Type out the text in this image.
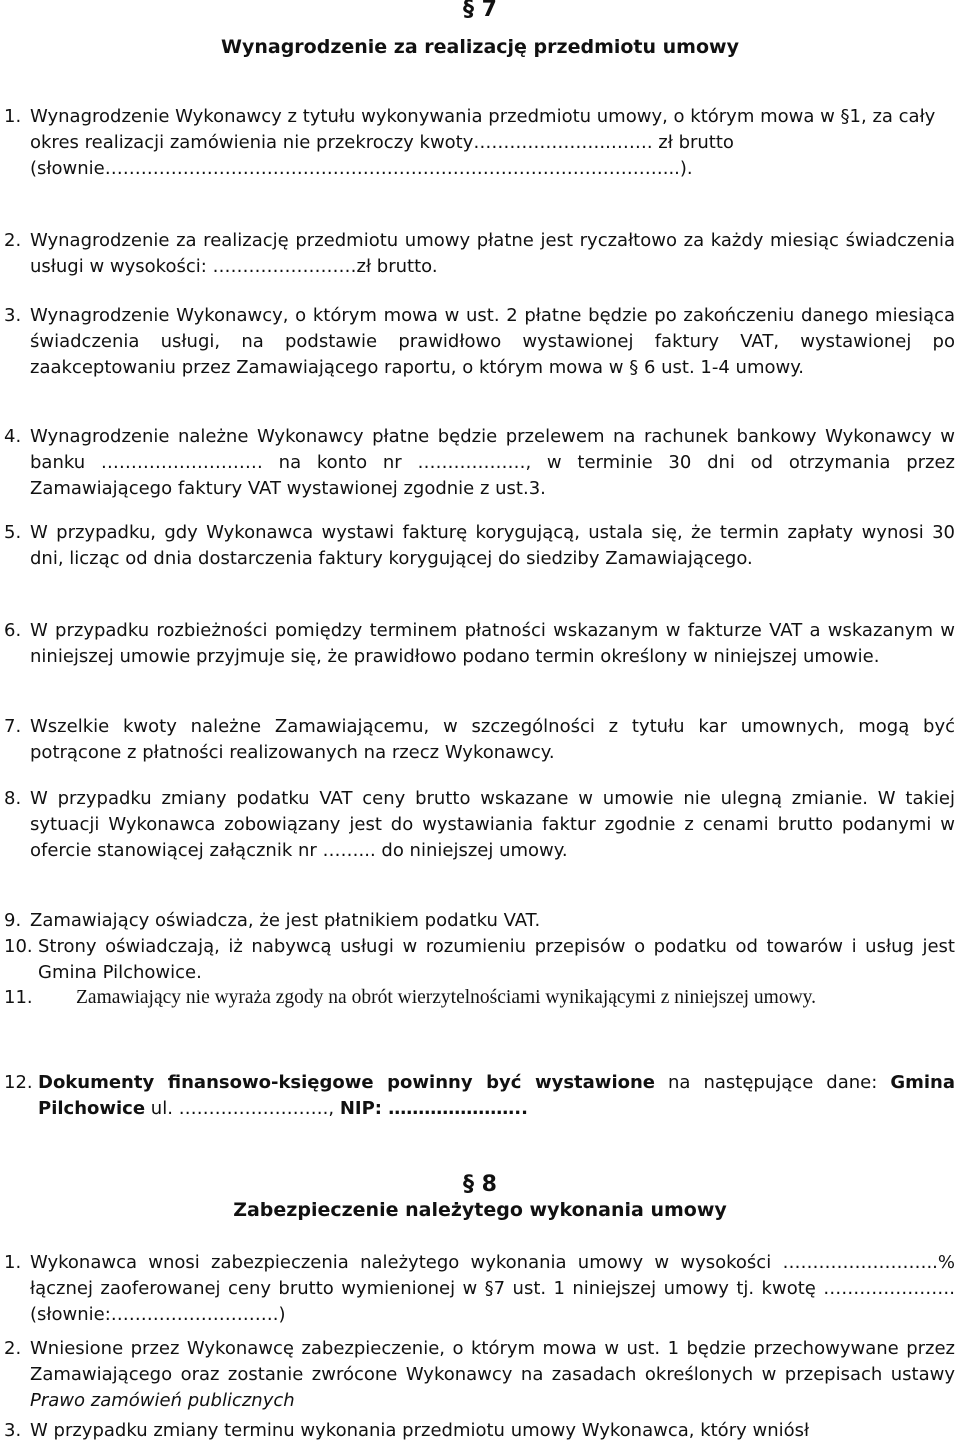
§ 7
Wynagrodzenie za realizację przedmiotu umowy
1. Wynagrodzenie Wykonawcy z tytułu wykonywania przedmiotu umowy, o którym mowa w §1, za cały okres realizacji zamówienia nie przekroczy kwoty…………………..……. zł brutto (słownie…………………………………………………………………………………...).
2. Wynagrodzenie za realizację przedmiotu umowy płatne jest ryczałtowo za każdy miesiąc świadczenia usługi w wysokości: ……………………zł brutto.
3. Wynagrodzenie Wykonawcy, o którym mowa w ust. 2 płatne będzie po zakończeniu danego miesiąca świadczenia usługi, na podstawie prawidłowo wystawionej faktury VAT, wystawionej po zaakceptowaniu przez Zamawiającego raportu, o którym mowa w § 6 ust. 1-4 umowy.
4. Wynagrodzenie należne Wykonawcy płatne będzie przelewem na rachunek bankowy Wykonawcy w banku ……………………… na konto nr ………………, w terminie 30 dni od otrzymania przez Zamawiającego faktury VAT wystawionej zgodnie z ust.3.
5. W przypadku, gdy Wykonawca wystawi fakturę korygującą, ustala się, że termin zapłaty wynosi 30 dni, licząc od dnia dostarczenia faktury korygującej do siedziby Zamawiającego.
6. W przypadku rozbieżności pomiędzy terminem płatności wskazanym w fakturze VAT a wskazanym w niniejszej umowie przyjmuje się, że prawidłowo podano termin określony w niniejszej umowie.
7. Wszelkie kwoty należne Zamawiającemu, w szczególności z tytułu kar umownych, mogą być potrącone z płatności realizowanych na rzecz Wykonawcy.
8. W przypadku zmiany podatku VAT ceny brutto wskazane w umowie nie ulegną zmianie. W takiej sytuacji Wykonawca zobowiązany jest do wystawiania faktur zgodnie z cenami brutto podanymi w ofercie stanowiącej załącznik nr ……... do niniejszej umowy.
9. Zamawiający oświadcza, że jest płatnikiem podatku VAT.
10. Strony oświadczają, iż nabywcą usługi w rozumieniu przepisów o podatku od towarów i usług jest Gmina Pilchowice.
11. Zamawiający nie wyraża zgody na obrót wierzytelnościami wynikającymi z niniejszej umowy.
12. Dokumenty finansowo-księgowe powinny być wystawione na następujące dane: Gmina Pilchowice ul. ……………………., NIP: …………………..
§ 8
Zabezpieczenie należytego wykonania umowy
1. Wykonawca wnosi zabezpieczenia należytego wykonania umowy w wysokości ……………………..% łącznej zaoferowanej ceny brutto wymienionej w §7 ust. 1 niniejszej umowy tj. kwotę …………………. (słownie:……………………….)
2. Wniesione przez Wykonawcę zabezpieczenie, o którym mowa w ust. 1 będzie przechowywane przez Zamawiającego oraz zostanie zwrócone Wykonawcy na zasadach określonych w przepisach ustawy Prawo zamówień publicznych
3. W przypadku zmiany terminu wykonania przedmiotu umowy Wykonawca, który wniósł
